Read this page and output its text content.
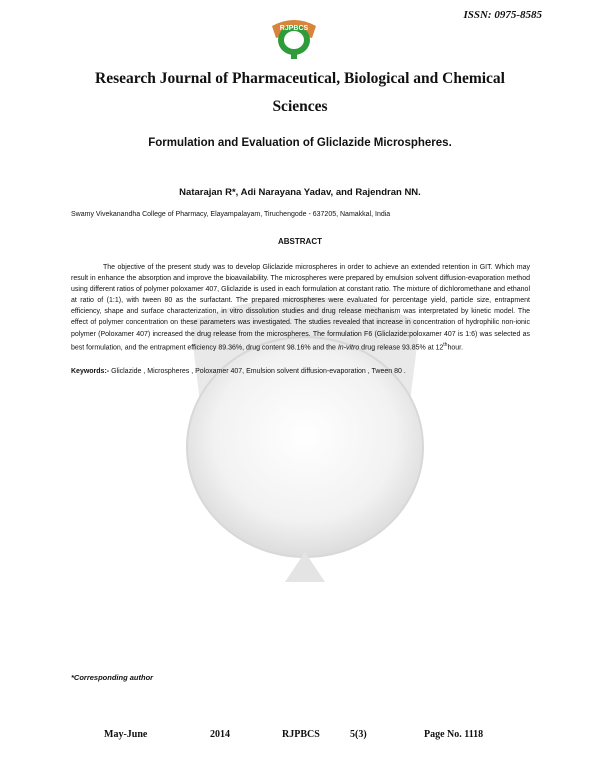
RJPBCS
ISSN: 0975-8585
Research Journal of Pharmaceutical, Biological and Chemical
Sciences
Formulation and Evaluation of Gliclazide Microspheres.
Natarajan R*, Adi Narayana Yadav, and Rajendran NN.
Swamy Vivekanandha College of Pharmacy, Elayampalayam, Tiruchengode - 637205, Namakkal, India
ABSTRACT

The objective of the present study was to develop Gliclazide microspheres in order to achieve an extended retention in GIT. Which may result in enhance the absorption and improve the bioavailability. The microspheres were prepared by emulsion solvent diffusion-evaporation method using different ratios of polymer poloxamer 407, Gliclazide is used in each formulation at constant ratio. The mixture of dichloromethane and ethanol at ratio of (1:1), with tween 80 as the surfactant. The prepared microspheres were evaluated for percentage yield, particle size, entrapment efficiency, shape and surface characterization, in vitro dissolution studies and drug release mechanism was interpretated by kinetic model. The effect of polymer concentration on these parameters was investigated. The studies revealed that increase in concentration of hydrophilic non-ionic polymer (Poloxamer 407) increased the drug release from the microspheres. The formulation F6 (Gliclazide:poloxamer 407 is 1:6) was selected as best formulation, and the entrapment efficiency 89.36%, drug content 98.16% and the In-vitro drug release 93.85% at 12thhour.

Keywords:- Gliclazide , Microspheres , Poloxamer 407, Emulsion solvent diffusion-evaporation , Tween 80 .

*Corresponding author
May-June	2014	RJPBCS	5(3)	Page No. 1118
